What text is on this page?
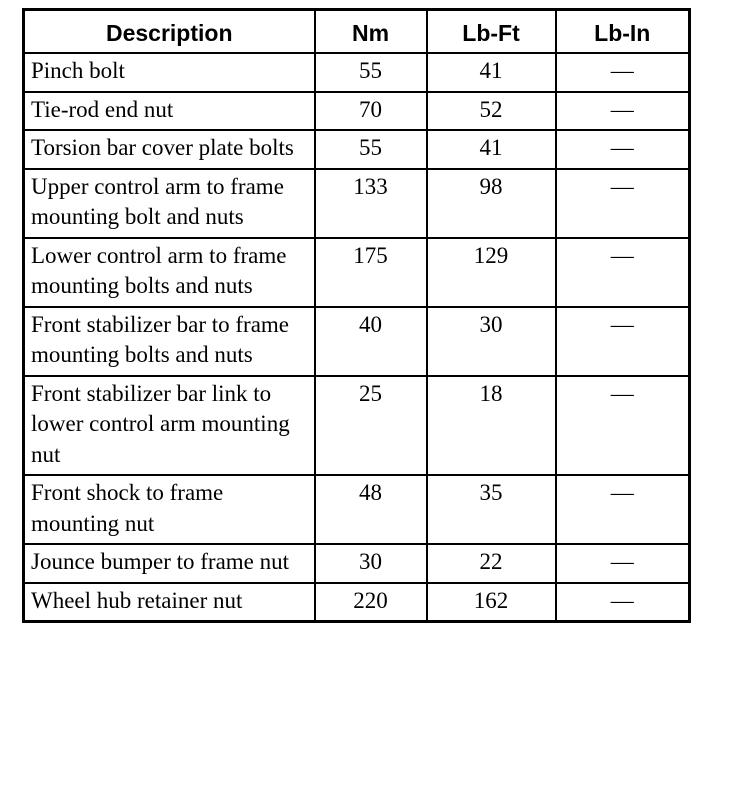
Description	Nm	Lb-Ft	Lb-In
Pinch bolt	55	41	—
Tie-rod end nut	70	52	—
Torsion bar cover plate bolts	55	41	—
Upper control arm to frame mounting bolt and nuts	133	98	—
Lower control arm to frame mounting bolts and nuts	175	129	—
Front stabilizer bar to frame mounting bolts and nuts	40	30	—
Front stabilizer bar link to lower control arm mounting nut	25	18	—
Front shock to frame mounting nut	48	35	—
Jounce bumper to frame nut	30	22	—
Wheel hub retainer nut	220	162	—
